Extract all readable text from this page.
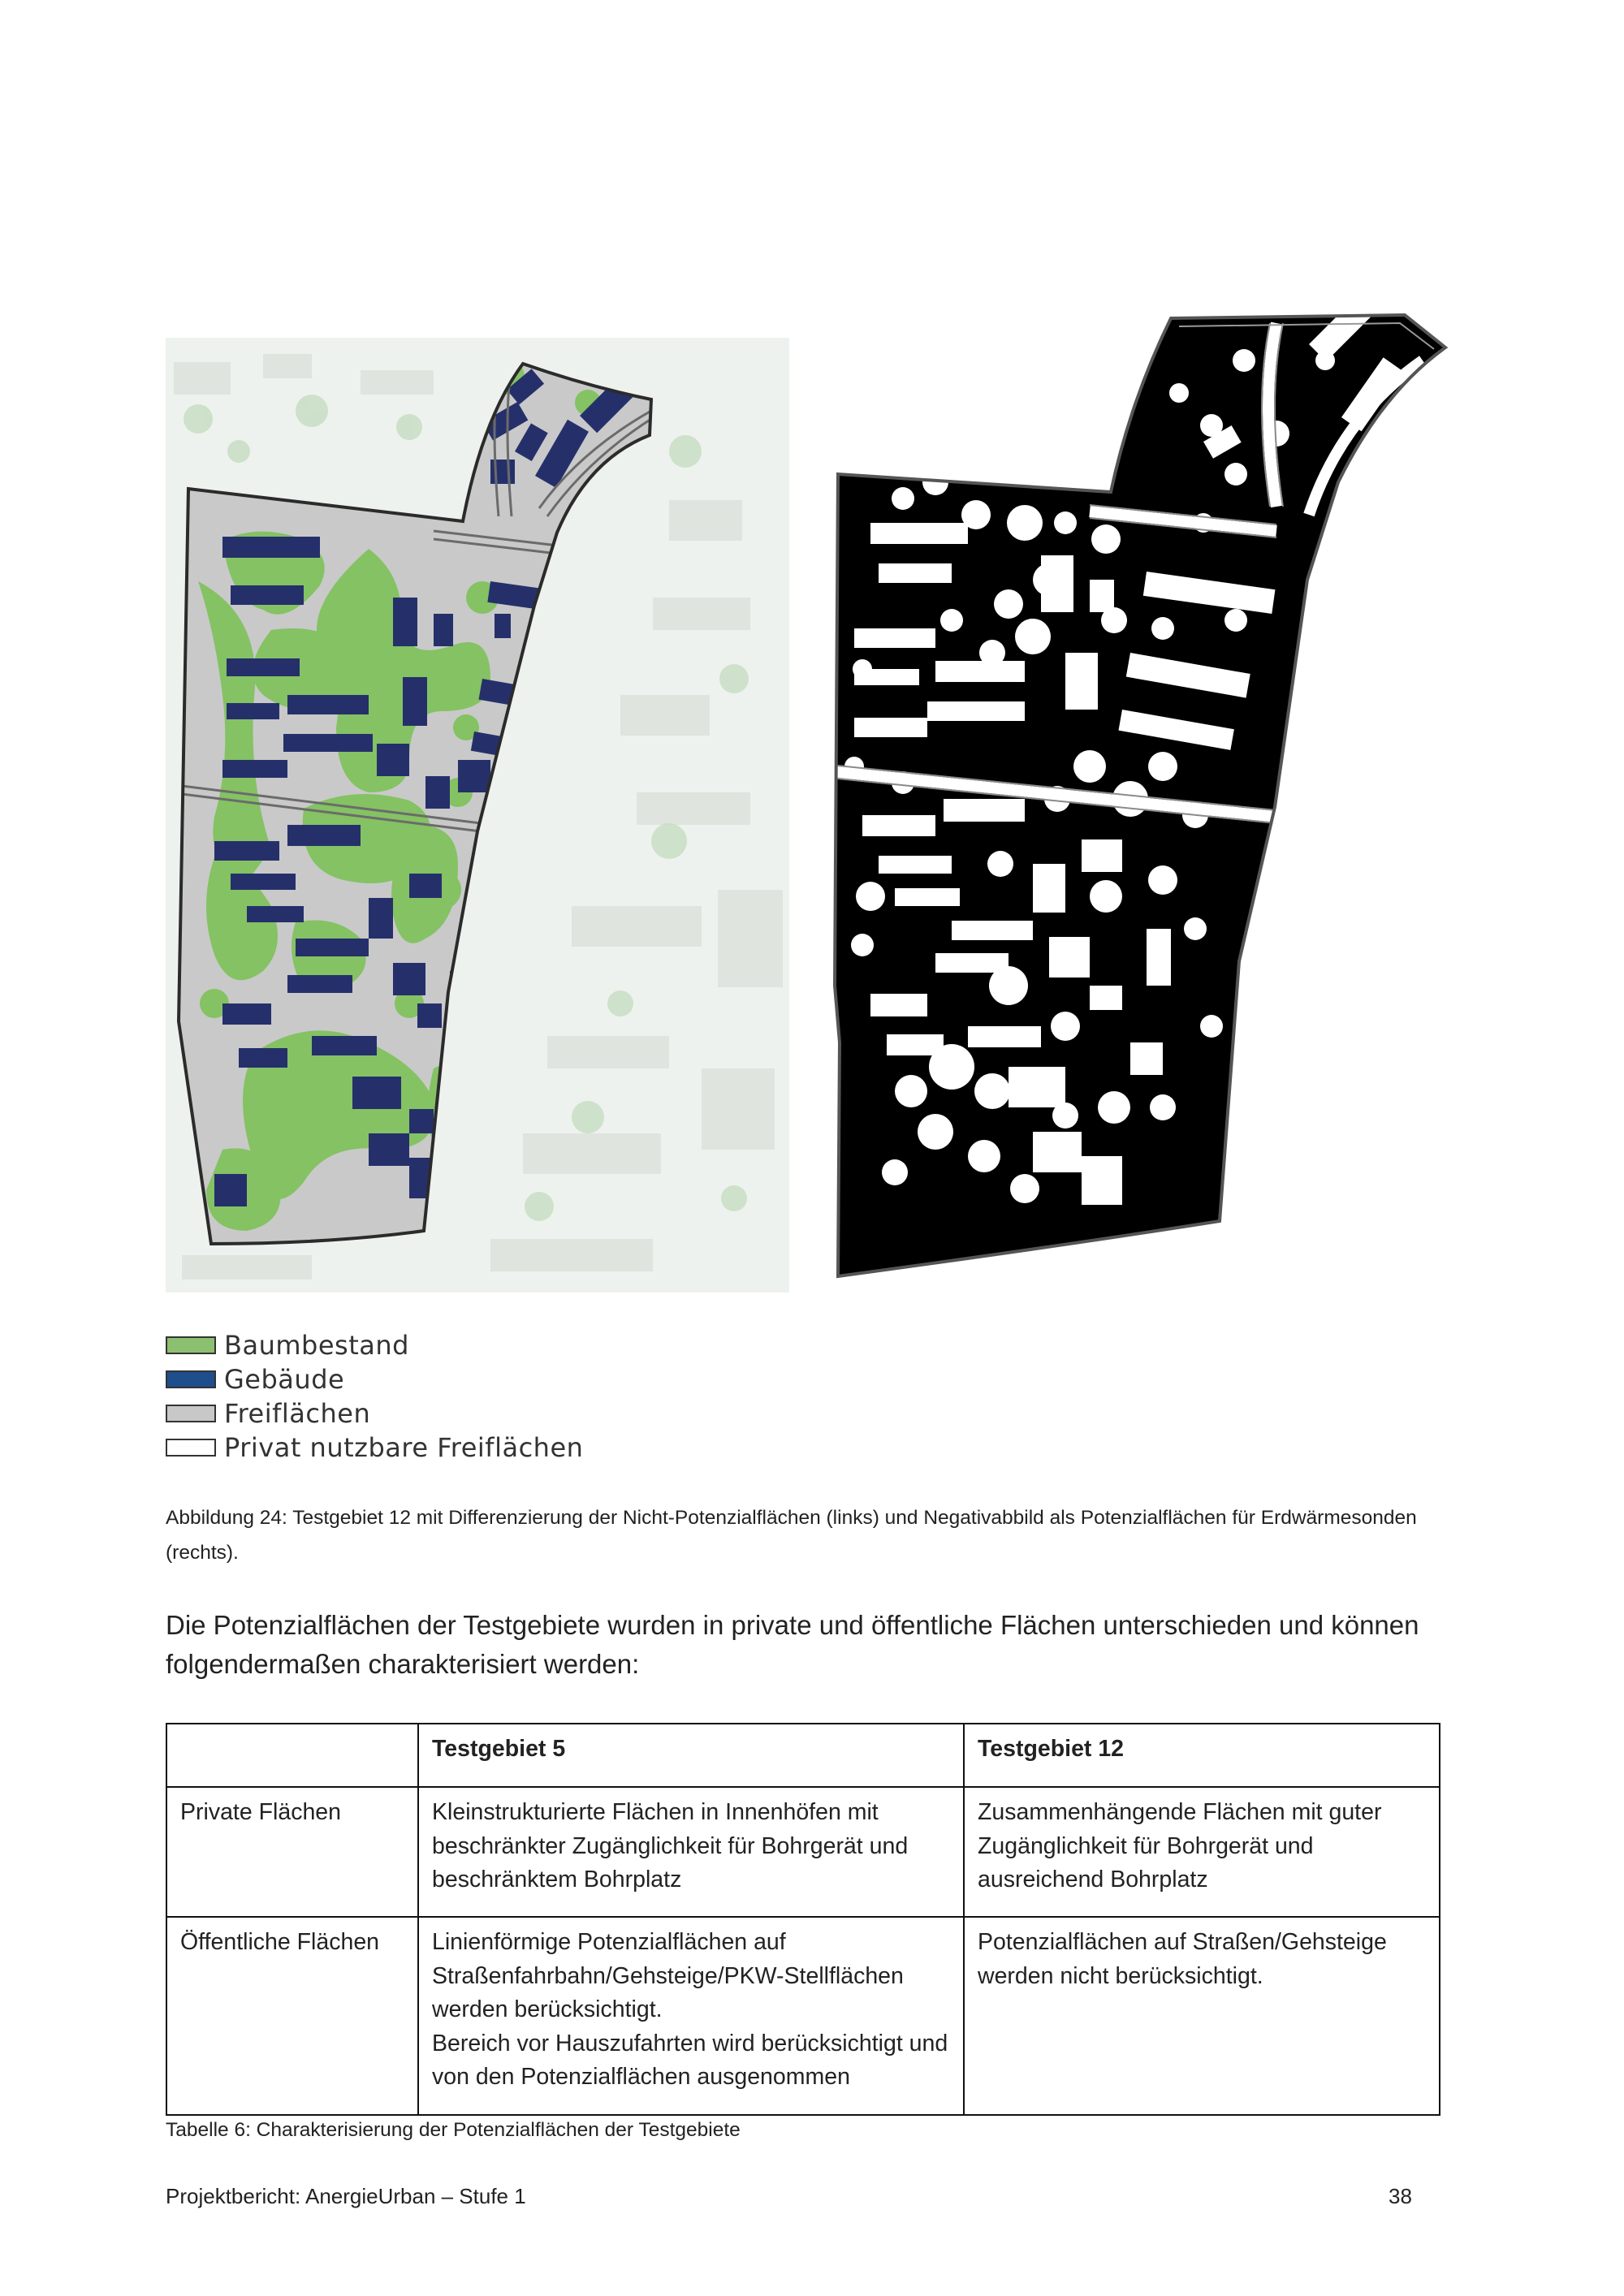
Baumbestand
Gebäude
Freiflächen
Privat nutzbare Freiflächen
Abbildung 24: Testgebiet 12 mit Differenzierung der Nicht-Potenzialflächen (links) und Negativabbild als Potenzialflächen für Erdwärmesonden (rechts).
Die Potenzialflächen der Testgebiete wurden in private und öffentliche Flächen unterschieden und können folgendermaßen charakterisiert werden:
	Testgebiet 5	Testgebiet 12
Private Flächen	Kleinstrukturierte Flächen in Innenhöfen mit beschränkter Zugänglichkeit für Bohrgerät und beschränktem Bohrplatz	Zusammenhängende Flächen mit guter Zugänglichkeit für Bohrgerät und ausreichend Bohrplatz
Öffentliche Flächen	Linienförmige Potenzialflächen auf Straßenfahrbahn/Gehsteige/PKW-Stellflächen werden berücksichtigt.
Bereich vor Hauszufahrten wird berücksichtigt und von den Potenzialflächen ausgenommen	Potenzialflächen auf Straßen/Gehsteige werden nicht berücksichtigt.
Tabelle 6: Charakterisierung der Potenzialflächen der Testgebiete
Projektbericht: AnergieUrban – Stufe 1	38
